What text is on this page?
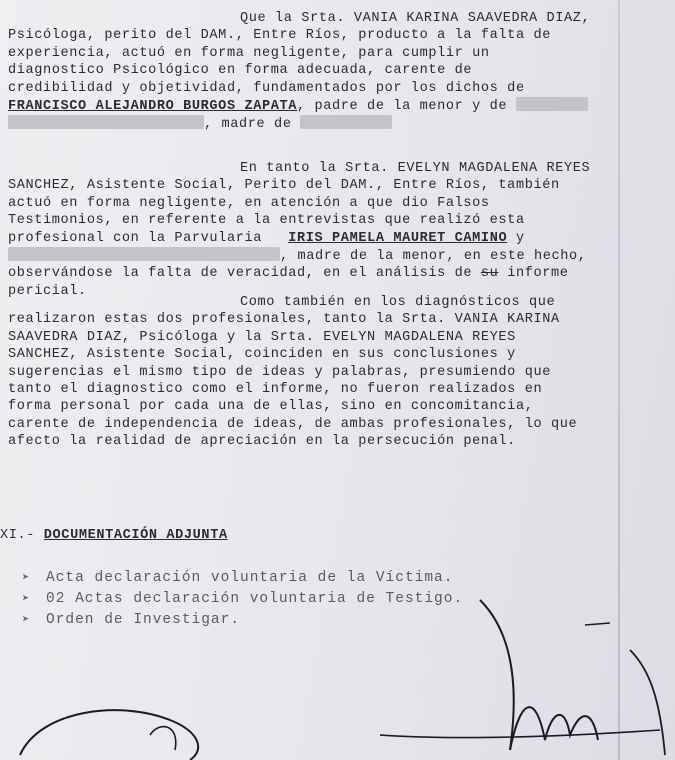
Que la Srta. VANIA KARINA SAAVEDRA DIAZ,
Psicóloga, perito del DAM., Entre Ríos, producto a la falta de
experiencia, actuó en forma negligente, para cumplir un
diagnostico Psicológico en forma adecuada, carente de
credibilidad y objetividad, fundamentados por los dichos de
FRANCISCO ALEJANDRO BURGOS ZAPATA, padre de la menor y de
, madre de
En tanto la Srta. EVELYN MAGDALENA REYES
SANCHEZ, Asistente Social, Perito del DAM., Entre Ríos, también
actuó en forma negligente, en atención a que dio Falsos
Testimonios, en referente a la entrevistas que realizó esta
profesional con la Parvularia IRIS PAMELA MAURET CAMINO y
, madre de la menor, en este hecho,
observándose la falta de veracidad, en el análisis de su informe
pericial.
Como también en los diagnósticos que
realizaron estas dos profesionales, tanto la Srta. VANIA KARINA
SAAVEDRA DIAZ, Psicóloga y la Srta. EVELYN MAGDALENA REYES
SANCHEZ, Asistente Social, coinciden en sus conclusiones y
sugerencias el mismo tipo de ideas y palabras, presumiendo que
tanto el diagnostico como el informe, no fueron realizados en
forma personal por cada una de ellas, sino en concomitancia,
carente de independencia de ideas, de ambas profesionales, lo que
afecto la realidad de apreciación en la persecución penal.
XI.- DOCUMENTACIÓN ADJUNTA
➤ Acta declaración voluntaria de la Víctima.
➤ 02 Actas declaración voluntaria de Testigo.
➤ Orden de Investigar.
